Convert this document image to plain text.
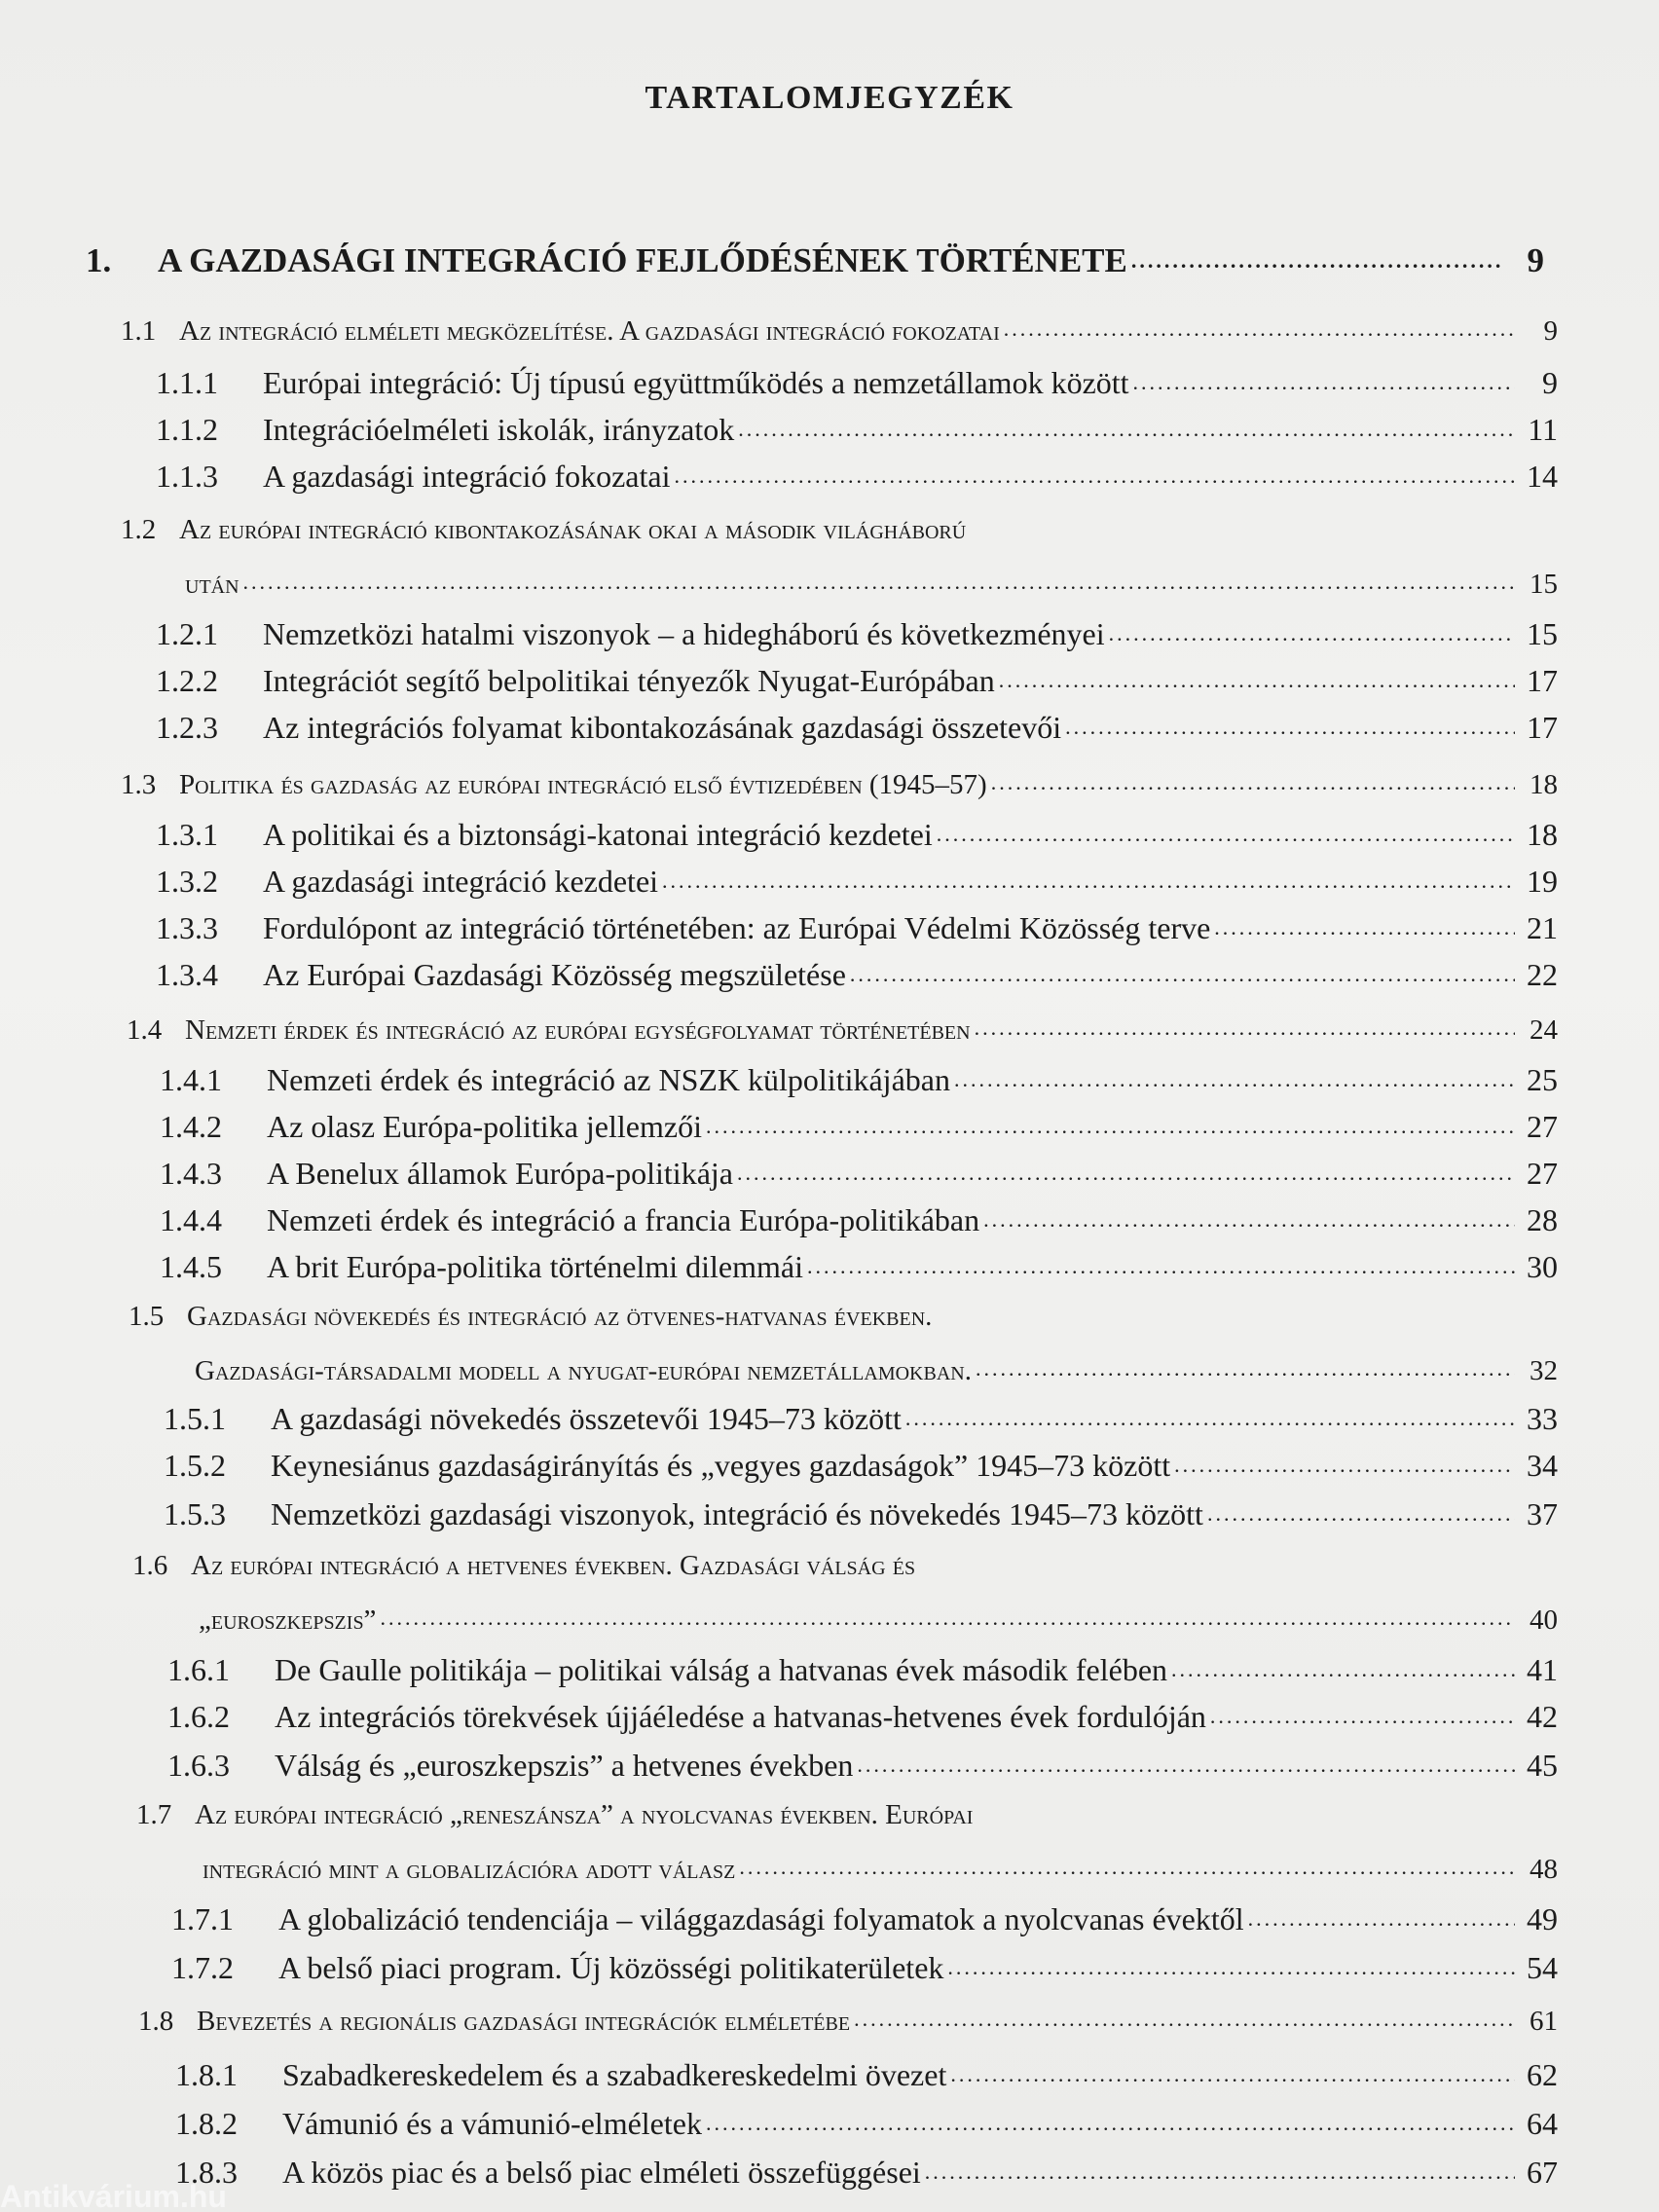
TARTALOMJEGYZÉK
1.	A GAZDASÁGI INTEGRÁCIÓ FEJLŐDÉSÉNEK TÖRTÉNETE .....	9
1.1 Az integráció elméleti megközelítése. A gazdasági integráció fokozatai .....	9
1.1.1	Európai integráció: Új típusú együttműködés a nemzetállamok között .....	9
1.1.2	Integrációelméleti iskolák, irányzatok .....	11
1.1.3	A gazdasági integráció fokozatai .....	14
1.2 Az európai integráció kibontakozásának okai a második világháború
után .....	15
1.2.1	Nemzetközi hatalmi viszonyok – a hidegháború és következményei .....	15
1.2.2	Integrációt segítő belpolitikai tényezők Nyugat-Európában .....	17
1.2.3	Az integrációs folyamat kibontakozásának gazdasági összetevői .....	17
1.3 Politika és gazdaság az európai integráció első évtizedében (1945–57) .....	18
1.3.1	A politikai és a biztonsági-katonai integráció kezdetei .....	18
1.3.2	A gazdasági integráció kezdetei .....	19
1.3.3	Fordulópont az integráció történetében: az Európai Védelmi Közösség terve .....	21
1.3.4	Az Európai Gazdasági Közösség megszületése .....	22
1.4 Nemzeti érdek és integráció az európai egységfolyamat történetében .....	24
1.4.1	Nemzeti érdek és integráció az NSZK külpolitikájában .....	25
1.4.2	Az olasz Európa-politika jellemzői .....	27
1.4.3	A Benelux államok Európa-politikája .....	27
1.4.4	Nemzeti érdek és integráció a francia Európa-politikában .....	28
1.4.5	A brit Európa-politika történelmi dilemmái .....	30
1.5 Gazdasági növekedés és integráció az ötvenes-hatvanas években.
Gazdasági-társadalmi modell a nyugat-európai nemzetállamokban. .....	32
1.5.1	A gazdasági növekedés összetevői 1945–73 között .....	33
1.5.2	Keynesiánus gazdaságirányítás és „vegyes gazdaságok” 1945–73 között .....	34
1.5.3	Nemzetközi gazdasági viszonyok, integráció és növekedés 1945–73 között .....	37
1.6 Az európai integráció a hetvenes években. Gazdasági válság és
„euroszkepszis” .....	40
1.6.1	De Gaulle politikája – politikai válság a hatvanas évek második felében .....	41
1.6.2	Az integrációs törekvések újjáéledése a hatvanas-hetvenes évek fordulóján .....	42
1.6.3	Válság és „euroszkepszis” a hetvenes években .....	45
1.7 Az európai integráció „reneszánsza” a nyolcvanas években. Európai
integráció mint a globalizációra adott válasz .....	48
1.7.1	A globalizáció tendenciája – világgazdasági folyamatok a nyolcvanas évektől .....	49
1.7.2	A belső piaci program. Új közösségi politikaterületek .....	54
1.8 Bevezetés a regionális gazdasági integrációk elméletébe .....	61
1.8.1	Szabadkereskedelem és a szabadkereskedelmi övezet .....	62
1.8.2	Vámunió és a vámunió-elméletek .....	64
1.8.3	A közös piac és a belső piac elméleti összefüggései .....	67
Antikvárium.hu
